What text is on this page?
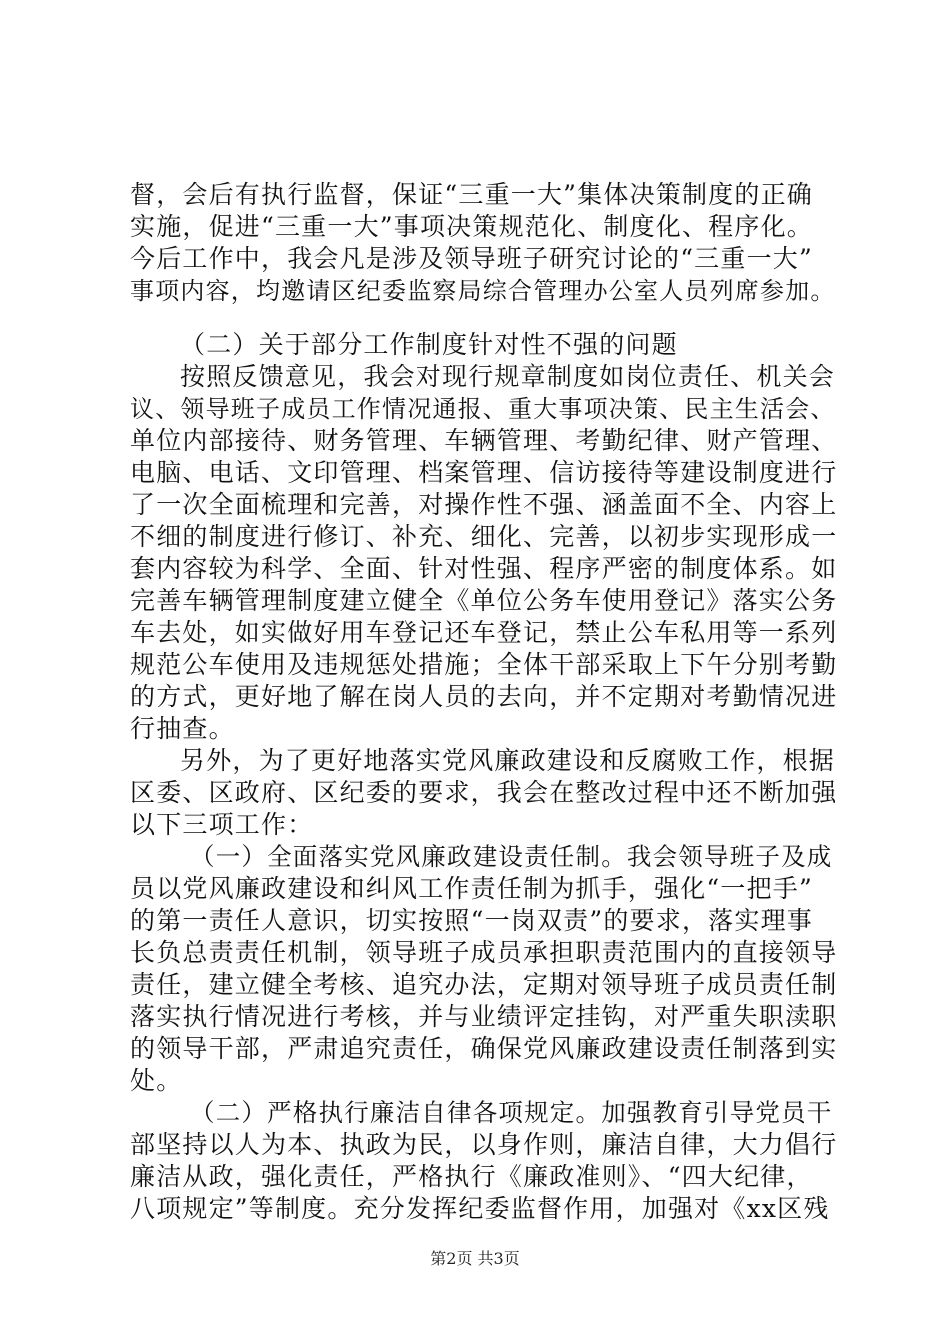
督，会后有执行监督，保证“三重一大”集体决策制度的正确
实施，促进“三重一大”事项决策规范化、制度化、程序化。
今后工作中，我会凡是涉及领导班子研究讨论的“三重一大”
事项内容，均邀请区纪委监察局综合管理办公室人员列席参加。
（二）关于部分工作制度针对性不强的问题
按照反馈意见，我会对现行规章制度如岗位责任、机关会
议、领导班子成员工作情况通报、重大事项决策、民主生活会、
单位内部接待、财务管理、车辆管理、考勤纪律、财产管理、
电脑、电话、文印管理、档案管理、信访接待等建设制度进行
了一次全面梳理和完善，对操作性不强、涵盖面不全、内容上
不细的制度进行修订、补充、细化、完善，以初步实现形成一
套内容较为科学、全面、针对性强、程序严密的制度体系。如
完善车辆管理制度建立健全《单位公务车使用登记》落实公务
车去处，如实做好用车登记还车登记，禁止公车私用等一系列
规范公车使用及违规惩处措施；全体干部采取上下午分别考勤
的方式，更好地了解在岗人员的去向，并不定期对考勤情况进
行抽查。
另外，为了更好地落实党风廉政建设和反腐败工作，根据
区委、区政府、区纪委的要求，我会在整改过程中还不断加强
以下三项工作：
（一）全面落实党风廉政建设责任制。我会领导班子及成
员以党风廉政建设和纠风工作责任制为抓手，强化“一把手”
的第一责任人意识，切实按照“一岗双责”的要求，落实理事
长负总责责任机制，领导班子成员承担职责范围内的直接领导
责任，建立健全考核、追究办法，定期对领导班子成员责任制
落实执行情况进行考核，并与业绩评定挂钩，对严重失职渎职
的领导干部，严肃追究责任，确保党风廉政建设责任制落到实
处。
（二）严格执行廉洁自律各项规定。加强教育引导党员干
部坚持以人为本、执政为民，以身作则，廉洁自律，大力倡行
廉洁从政，强化责任，严格执行《廉政准则》、“四大纪律，
八项规定”等制度。充分发挥纪委监督作用，加强对《xx区残
第2页 共3页
